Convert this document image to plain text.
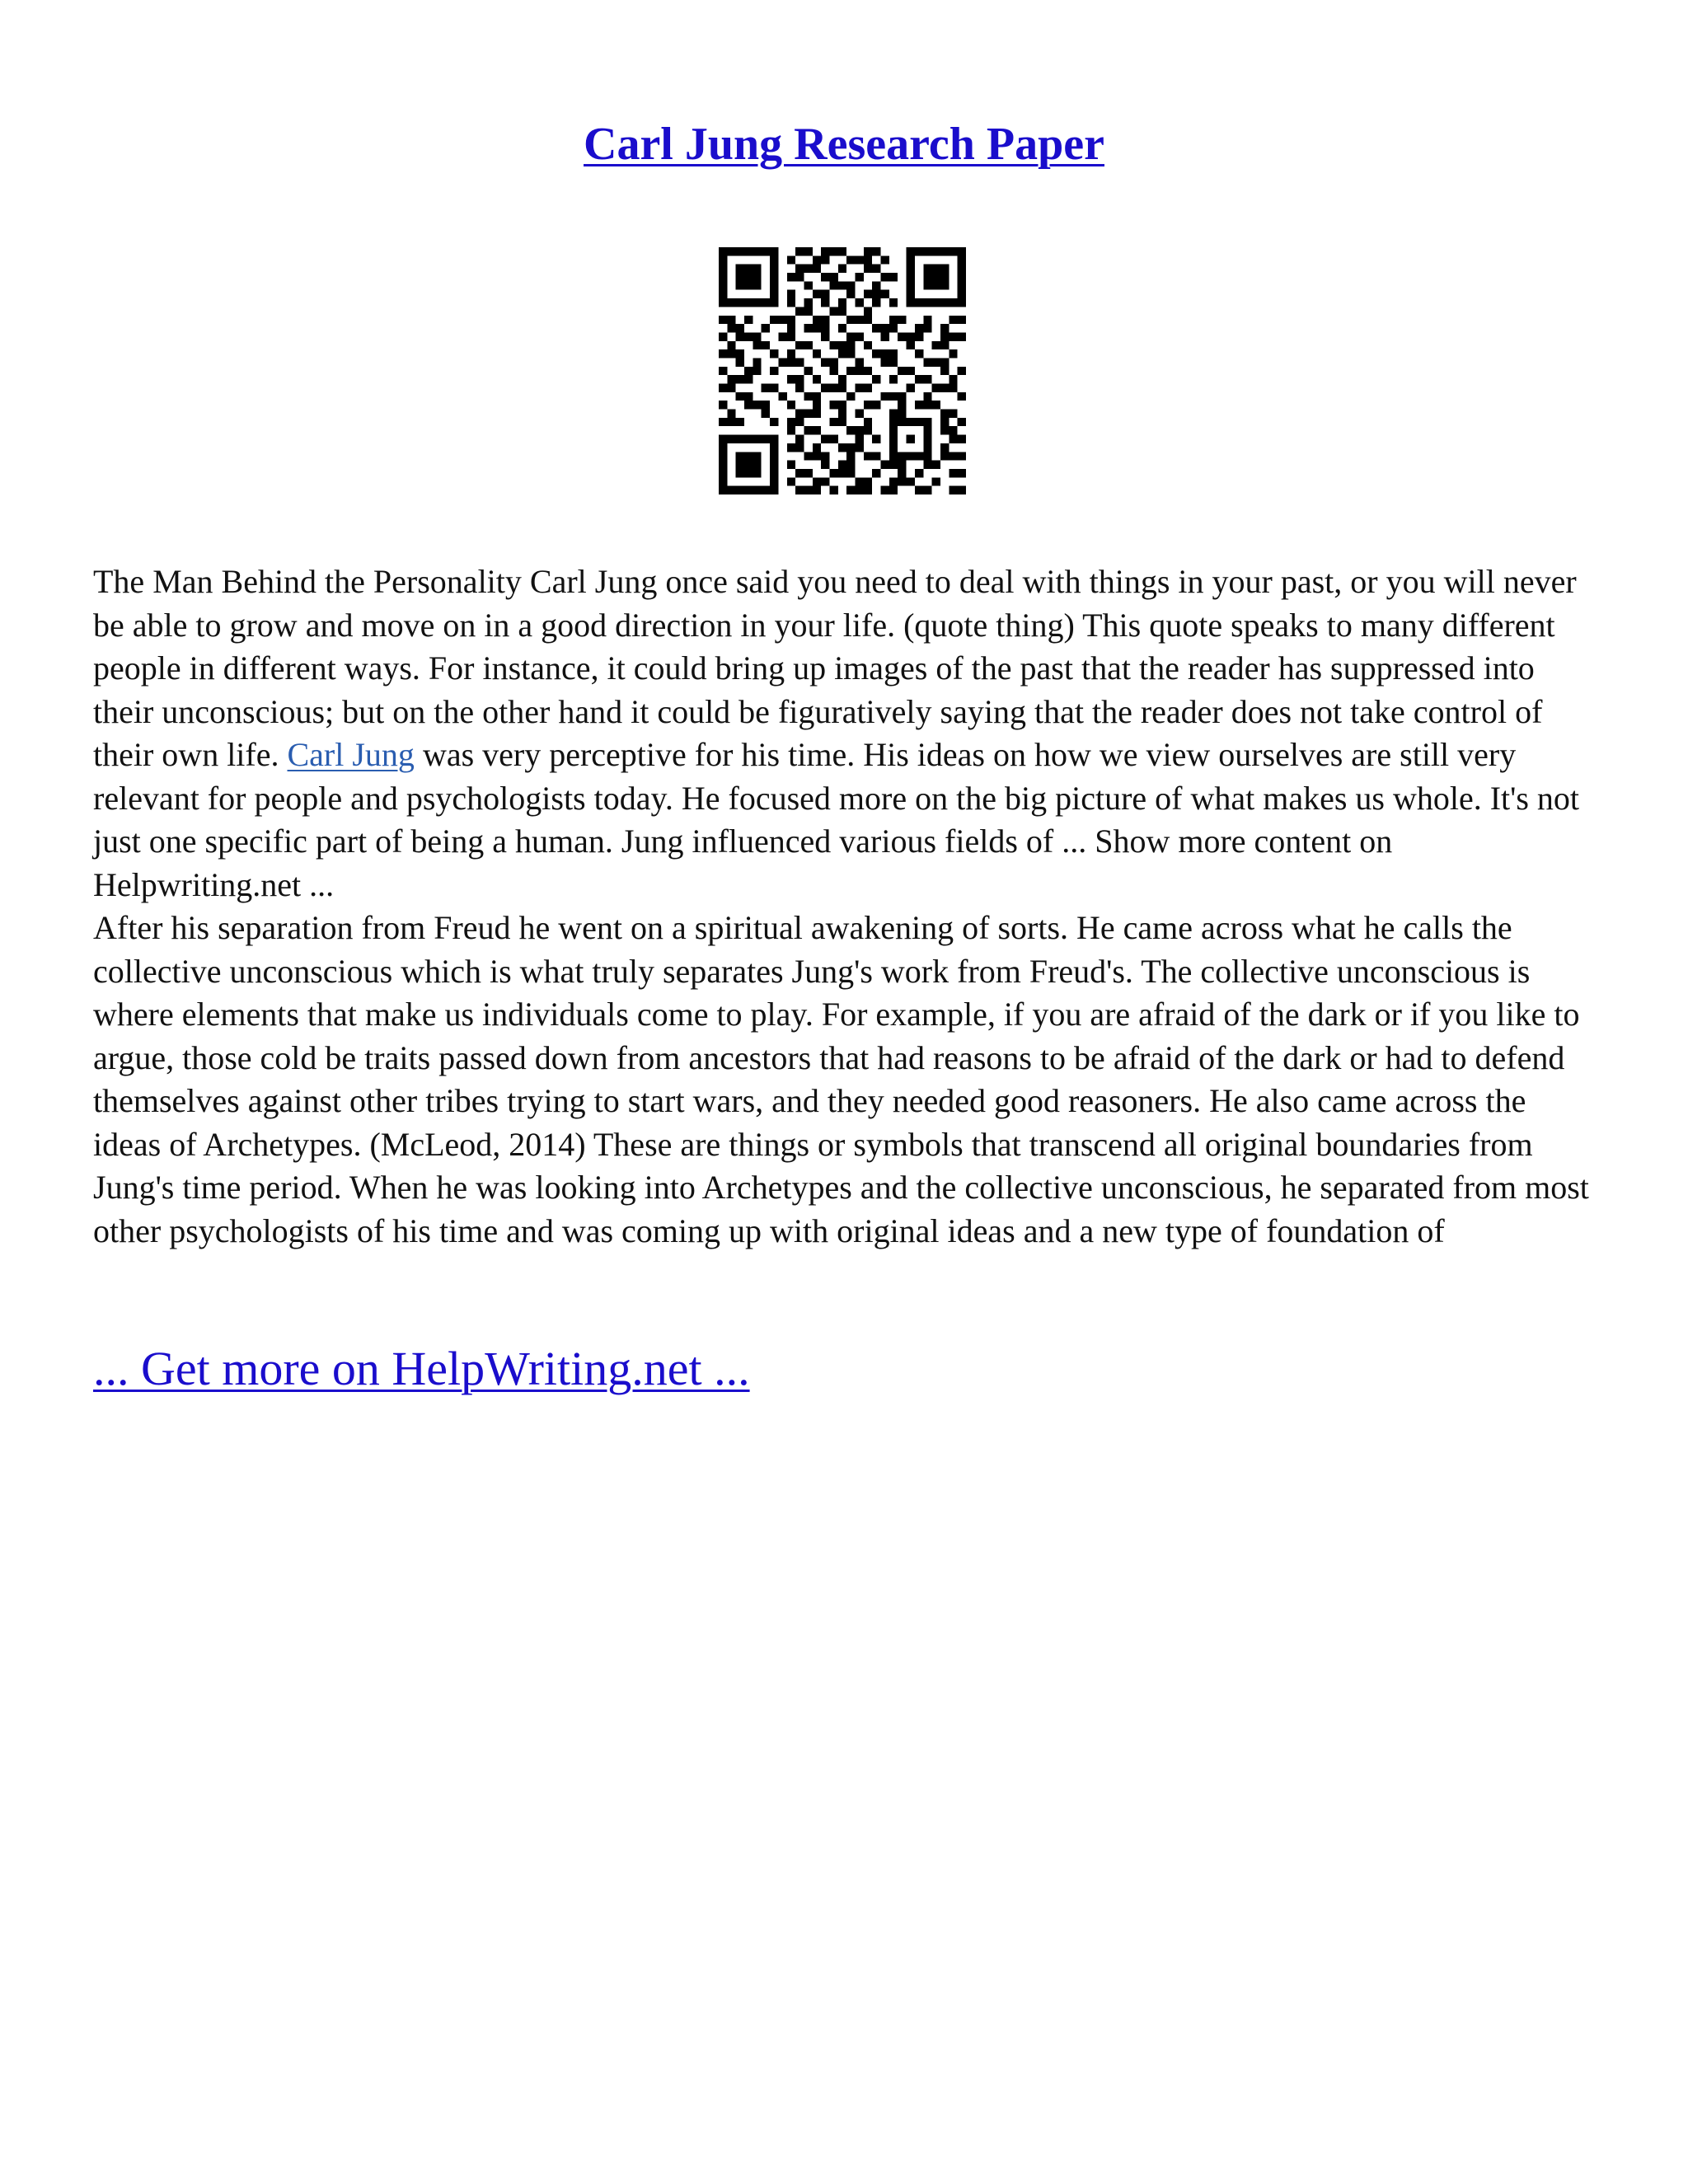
Carl Jung Research Paper

The Man Behind the Personality Carl Jung once said you need to deal with things in your past, or you will never be able to grow and move on in a good direction in your life. (quote thing) This quote speaks to many different people in different ways. For instance, it could bring up images of the past that the reader has suppressed into their unconscious; but on the other hand it could be figuratively saying that the reader does not take control of their own life. Carl Jung was very perceptive for his time. His ideas on how we view ourselves are still very relevant for people and psychologists today. He focused more on the big picture of what makes us whole. It's not just one specific part of being a human. Jung influenced various fields of ... Show more content on Helpwriting.net ...

After his separation from Freud he went on a spiritual awakening of sorts. He came across what he calls the collective unconscious which is what truly separates Jung's work from Freud's. The collective unconscious is where elements that make us individuals come to play. For example, if you are afraid of the dark or if you like to argue, those cold be traits passed down from ancestors that had reasons to be afraid of the dark or had to defend themselves against other tribes trying to start wars, and they needed good reasoners. He also came across the ideas of Archetypes. (McLeod, 2014) These are things or symbols that transcend all original boundaries from Jung's time period. When he was looking into Archetypes and the collective unconscious, he separated from most other psychologists of his time and was coming up with original ideas and a new type of foundation of

... Get more on HelpWriting.net ...
